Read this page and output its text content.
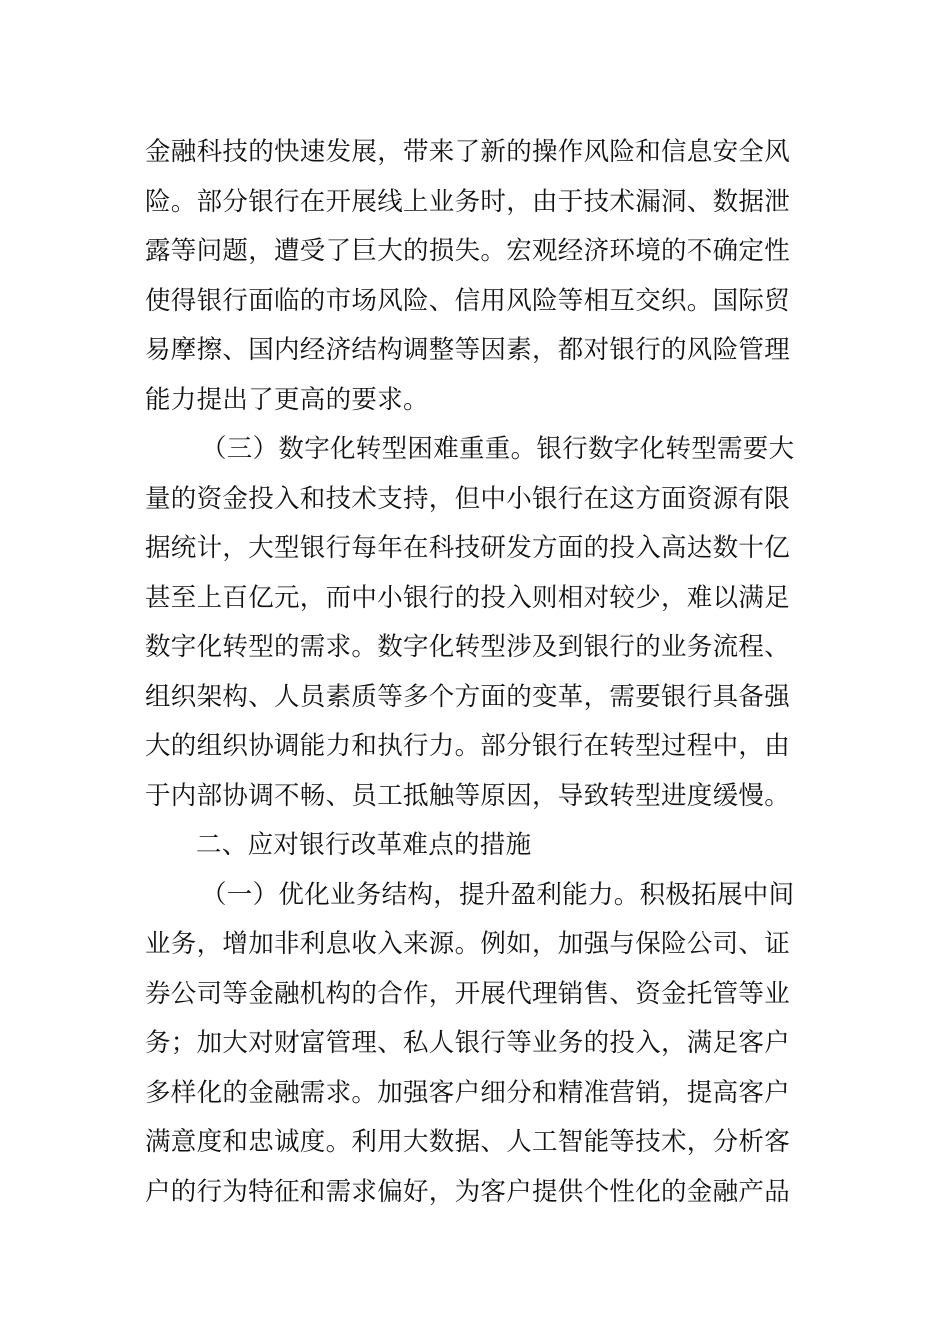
金融科技的快速发展，带来了新的操作风险和信息安全风
险。部分银行在开展线上业务时，由于技术漏洞、数据泄
露等问题，遭受了巨大的损失。宏观经济环境的不确定性
使得银行面临的市场风险、信用风险等相互交织。国际贸
易摩擦、国内经济结构调整等因素，都对银行的风险管理
能力提出了更高的要求。
（三）数字化转型困难重重。银行数字化转型需要大
量的资金投入和技术支持，但中小银行在这方面资源有限
据统计，大型银行每年在科技研发方面的投入高达数十亿
甚至上百亿元，而中小银行的投入则相对较少，难以满足
数字化转型的需求。数字化转型涉及到银行的业务流程、
组织架构、人员素质等多个方面的变革，需要银行具备强
大的组织协调能力和执行力。部分银行在转型过程中，由
于内部协调不畅、员工抵触等原因，导致转型进度缓慢。
二、应对银行改革难点的措施
（一）优化业务结构，提升盈利能力。积极拓展中间
业务，增加非利息收入来源。例如，加强与保险公司、证
券公司等金融机构的合作，开展代理销售、资金托管等业
务；加大对财富管理、私人银行等业务的投入，满足客户
多样化的金融需求。加强客户细分和精准营销，提高客户
满意度和忠诚度。利用大数据、人工智能等技术，分析客
户的行为特征和需求偏好，为客户提供个性化的金融产品
